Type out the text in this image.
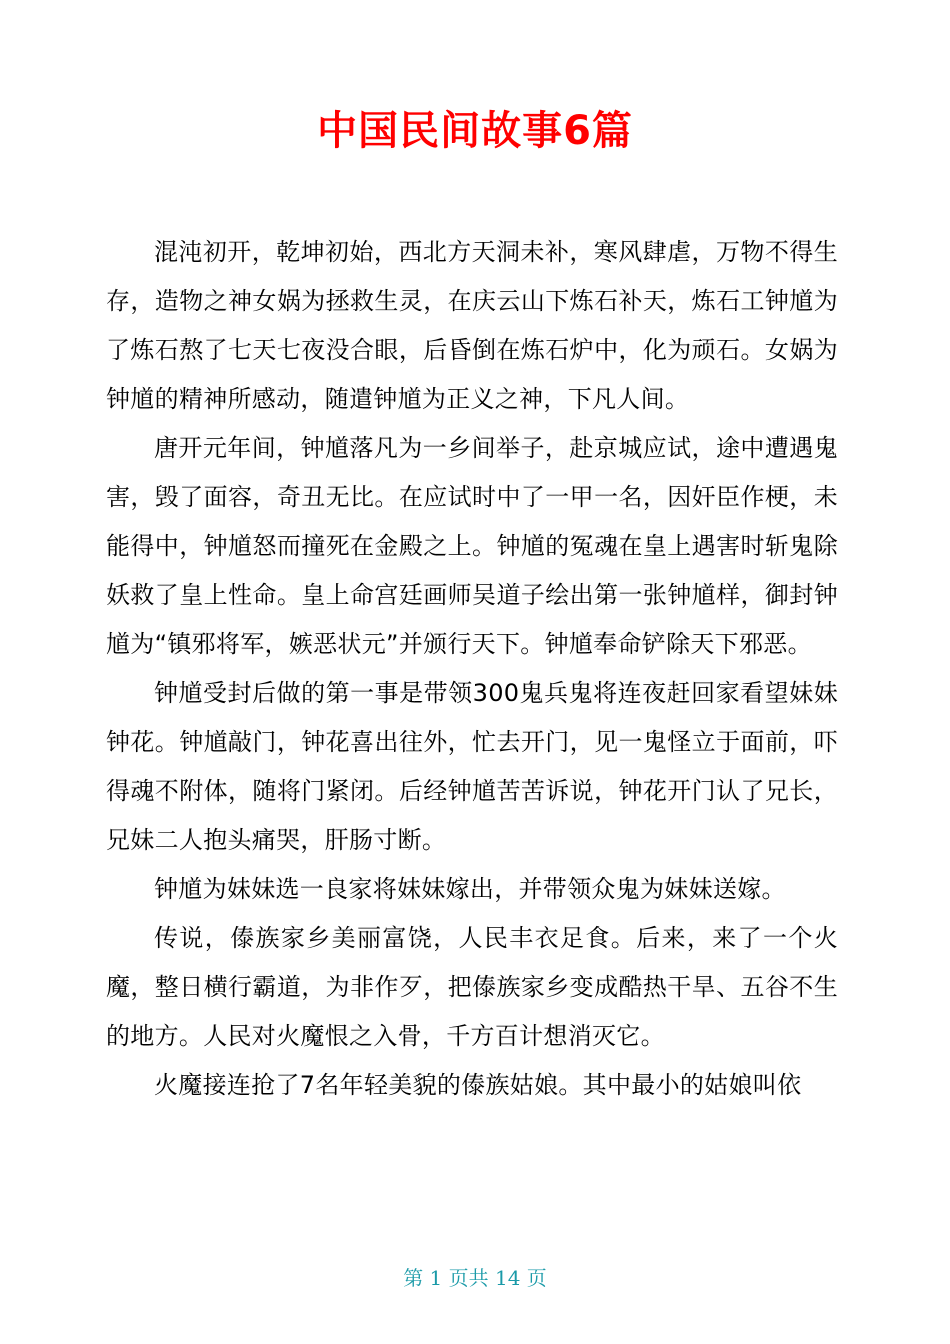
中国民间故事6篇

混沌初开，乾坤初始，西北方天洞未补，寒风肆虐，万物不得生存，造物之神女娲为拯救生灵，在庆云山下炼石补天，炼石工钟馗为了炼石熬了七天七夜没合眼，后昏倒在炼石炉中，化为顽石。女娲为钟馗的精神所感动，随遣钟馗为正义之神，下凡人间。

唐开元年间，钟馗落凡为一乡间举子，赴京城应试，途中遭遇鬼害，毁了面容，奇丑无比。在应试时中了一甲一名，因奸臣作梗，未能得中，钟馗怒而撞死在金殿之上。钟馗的冤魂在皇上遇害时斩鬼除妖救了皇上性命。皇上命宫廷画师吴道子绘出第一张钟馗样，御封钟馗为“镇邪将军，嫉恶状元”并颁行天下。钟馗奉命铲除天下邪恶。

钟馗受封后做的第一事是带领300鬼兵鬼将连夜赶回家看望妹妹钟花。钟馗敲门，钟花喜出往外，忙去开门，见一鬼怪立于面前，吓得魂不附体，随将门紧闭。后经钟馗苦苦诉说，钟花开门认了兄长，兄妹二人抱头痛哭，肝肠寸断。

钟馗为妹妹选一良家将妹妹嫁出，并带领众鬼为妹妹送嫁。

传说，傣族家乡美丽富饶，人民丰衣足食。后来，来了一个火魔，整日横行霸道，为非作歹，把傣族家乡变成酷热干旱、五谷不生的地方。人民对火魔恨之入骨，千方百计想消灭它。

火魔接连抢了7名年轻美貌的傣族姑娘。其中最小的姑娘叫依

第 1 页共 14 页
